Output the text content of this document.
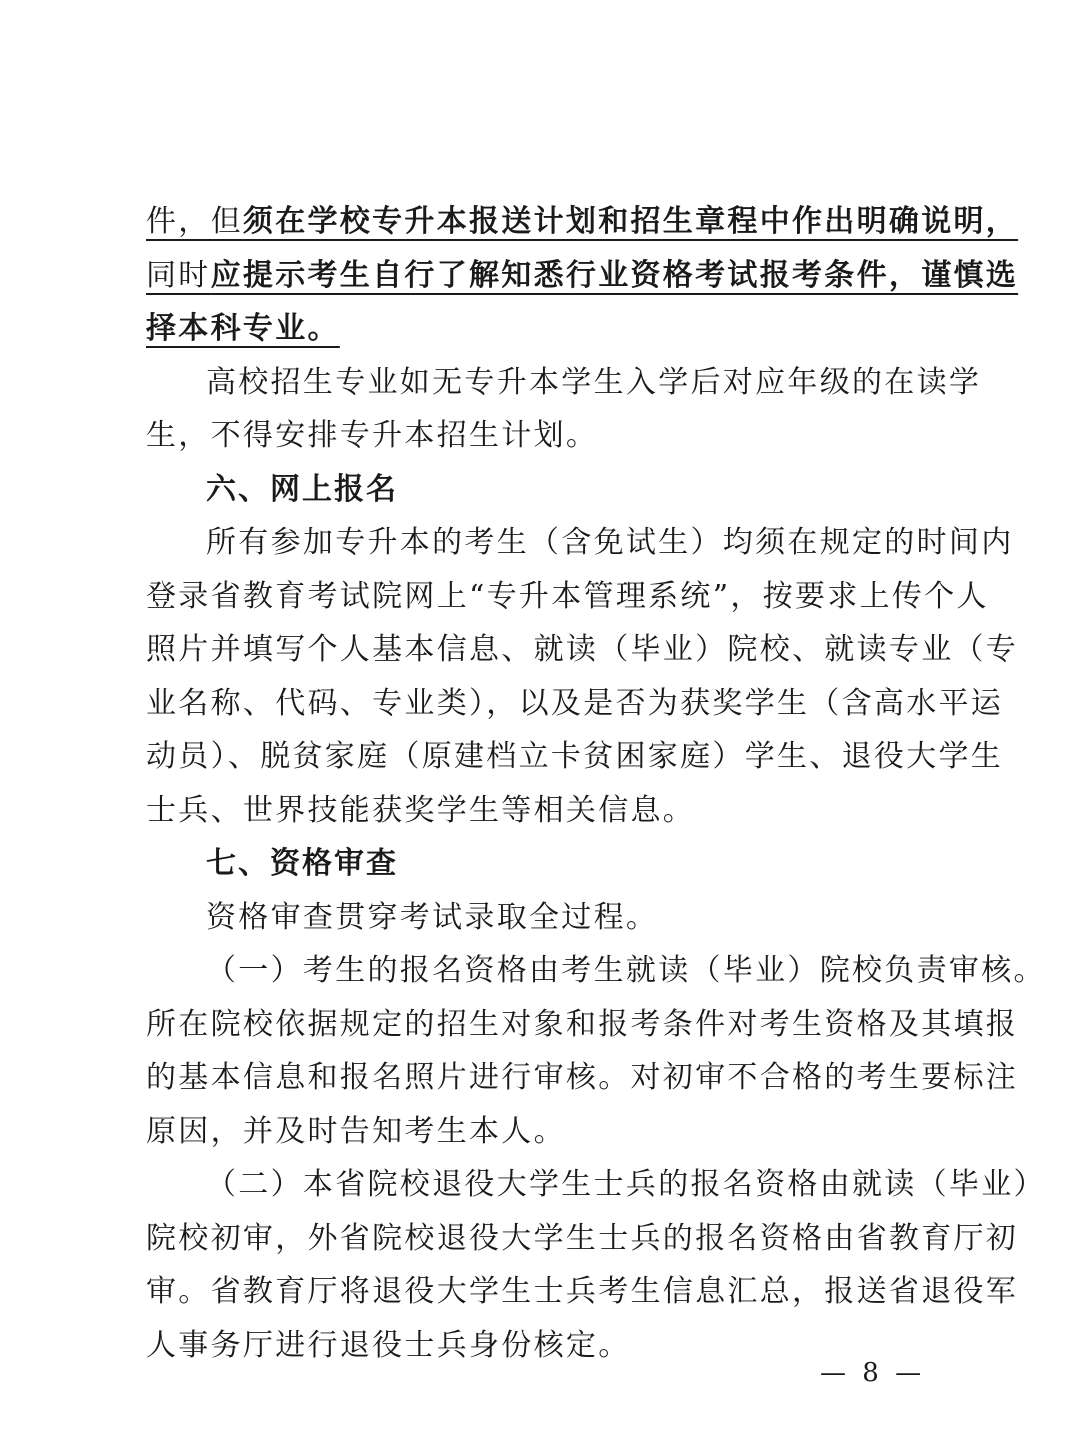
件，但须在学校专升本报送计划和招生章程中作出明确说明，
同时应提示考生自行了解知悉行业资格考试报考条件，谨慎选
择本科专业。
高校招生专业如无专升本学生入学后对应年级的在读学
生，不得安排专升本招生计划。
六、网上报名
所有参加专升本的考生（含免试生）均须在规定的时间内
登录省教育考试院网上“专升本管理系统”，按要求上传个人
照片并填写个人基本信息、就读（毕业）院校、就读专业（专
业名称、代码、专业类），以及是否为获奖学生（含高水平运
动员）、脱贫家庭（原建档立卡贫困家庭）学生、退役大学生
士兵、世界技能获奖学生等相关信息。
七、资格审查
资格审查贯穿考试录取全过程。
（一）考生的报名资格由考生就读（毕业）院校负责审核。
所在院校依据规定的招生对象和报考条件对考生资格及其填报
的基本信息和报名照片进行审核。对初审不合格的考生要标注
原因，并及时告知考生本人。
（二）本省院校退役大学生士兵的报名资格由就读（毕业）
院校初审，外省院校退役大学生士兵的报名资格由省教育厅初
审。省教育厅将退役大学生士兵考生信息汇总，报送省退役军
人事务厅进行退役士兵身份核定。
— 8 —
